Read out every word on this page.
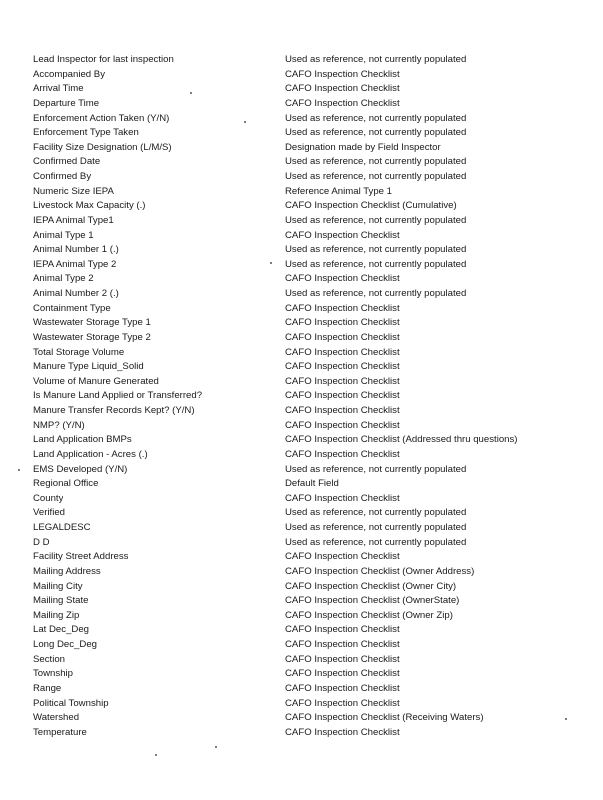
Lead Inspector for last inspection	Used as reference, not currently populated
Accompanied By	CAFO Inspection Checklist
Arrival Time	CAFO Inspection Checklist
Departure Time	CAFO Inspection Checklist
Enforcement Action Taken (Y/N)	Used as reference, not currently populated
Enforcement Type Taken	Used as reference, not currently populated
Facility Size Designation (L/M/S)	Designation made by Field Inspector
Confirmed Date	Used as reference, not currently populated
Confirmed By	Used as reference, not currently populated
Numeric Size IEPA	Reference Animal Type 1
Livestock Max Capacity (.)	CAFO Inspection Checklist (Cumulative)
IEPA Animal Type1	Used as reference, not currently populated
Animal Type 1	CAFO Inspection Checklist
Animal Number 1 (.)	Used as reference, not currently populated
IEPA Animal Type 2	Used as reference, not currently populated
Animal Type 2	CAFO Inspection Checklist
Animal Number 2 (.)	Used as reference, not currently populated
Containment Type	CAFO Inspection Checklist
Wastewater Storage Type 1	CAFO Inspection Checklist
Wastewater Storage Type 2	CAFO Inspection Checklist
Total Storage Volume	CAFO Inspection Checklist
Manure Type Liquid_Solid	CAFO Inspection Checklist
Volume of Manure Generated	CAFO Inspection Checklist
Is Manure Land Applied or Transferred?	CAFO Inspection Checklist
Manure Transfer Records Kept? (Y/N)	CAFO Inspection Checklist
NMP? (Y/N)	CAFO Inspection Checklist
Land Application BMPs	CAFO Inspection Checklist (Addressed thru questions)
Land Application - Acres (.)	CAFO Inspection Checklist
EMS Developed (Y/N)	Used as reference, not currently populated
Regional Office	Default Field
County	CAFO Inspection Checklist
Verified	Used as reference, not currently populated
LEGALDESC	Used as reference, not currently populated
D D	Used as reference, not currently populated
Facility Street Address	CAFO Inspection Checklist
Mailing Address	CAFO Inspection Checklist (Owner Address)
Mailing City	CAFO Inspection Checklist (Owner City)
Mailing State	CAFO Inspection Checklist (OwnerState)
Mailing Zip	CAFO Inspection Checklist (Owner Zip)
Lat Dec_Deg	CAFO Inspection Checklist
Long Dec_Deg	CAFO Inspection Checklist
Section	CAFO Inspection Checklist
Township	CAFO Inspection Checklist
Range	CAFO Inspection Checklist
Political Township	CAFO Inspection Checklist
Watershed	CAFO Inspection Checklist (Receiving Waters)
Temperature	CAFO Inspection Checklist
